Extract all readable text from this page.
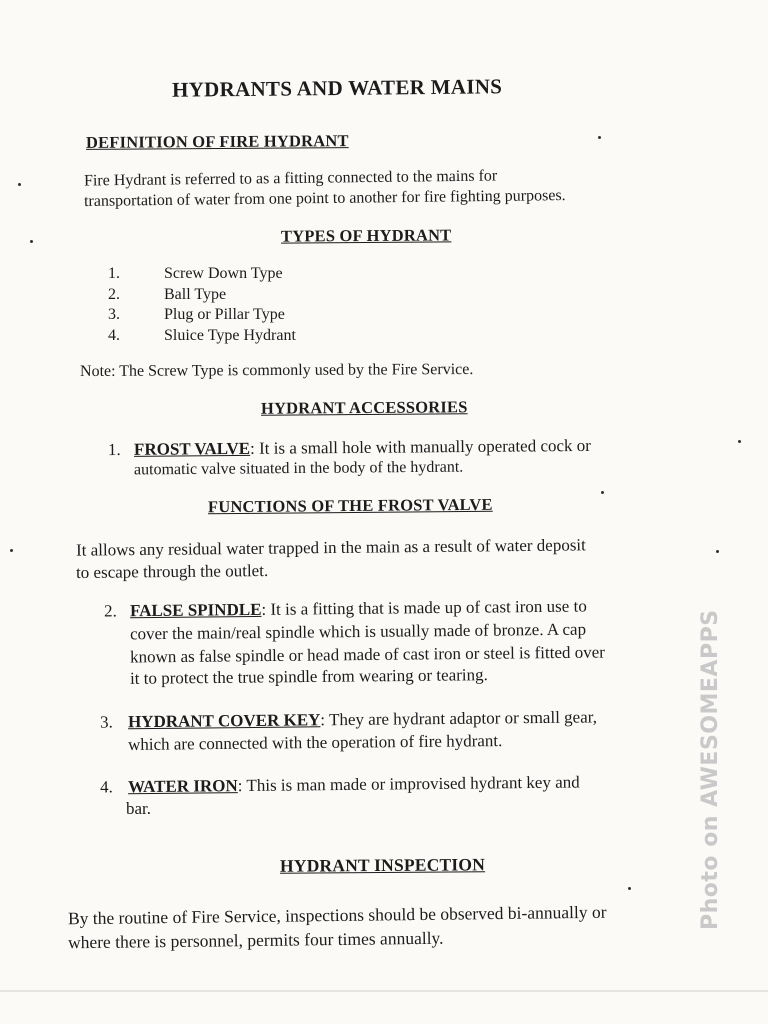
HYDRANTS AND WATER MAINS
DEFINITION OF FIRE HYDRANT
Fire Hydrant is referred to as a fitting connected to the mains for
transportation of water from one point to another for fire fighting purposes.
TYPES OF HYDRANT
1.	Screw Down Type
2.	Ball Type
3.	Plug or Pillar Type
4.	Sluice Type Hydrant
Note: The Screw Type is commonly used by the Fire Service.
HYDRANT ACCESSORIES
1. FROST VALVE: It is a small hole with manually operated cock or
automatic valve situated in the body of the hydrant.
FUNCTIONS OF THE FROST VALVE
It allows any residual water trapped in the main as a result of water deposit
to escape through the outlet.
2. FALSE SPINDLE: It is a fitting that is made up of cast iron use to
cover the main/real spindle which is usually made of bronze. A cap
known as false spindle or head made of cast iron or steel is fitted over
it to protect the true spindle from wearing or tearing.
3. HYDRANT COVER KEY: They are hydrant adaptor or small gear,
which are connected with the operation of fire hydrant.
4. WATER IRON: This is man made or improvised hydrant key and
bar.
HYDRANT INSPECTION
By the routine of Fire Service, inspections should be observed bi-annually or
where there is personnel, permits four times annually.
Photo on AWESOMEAPPS
